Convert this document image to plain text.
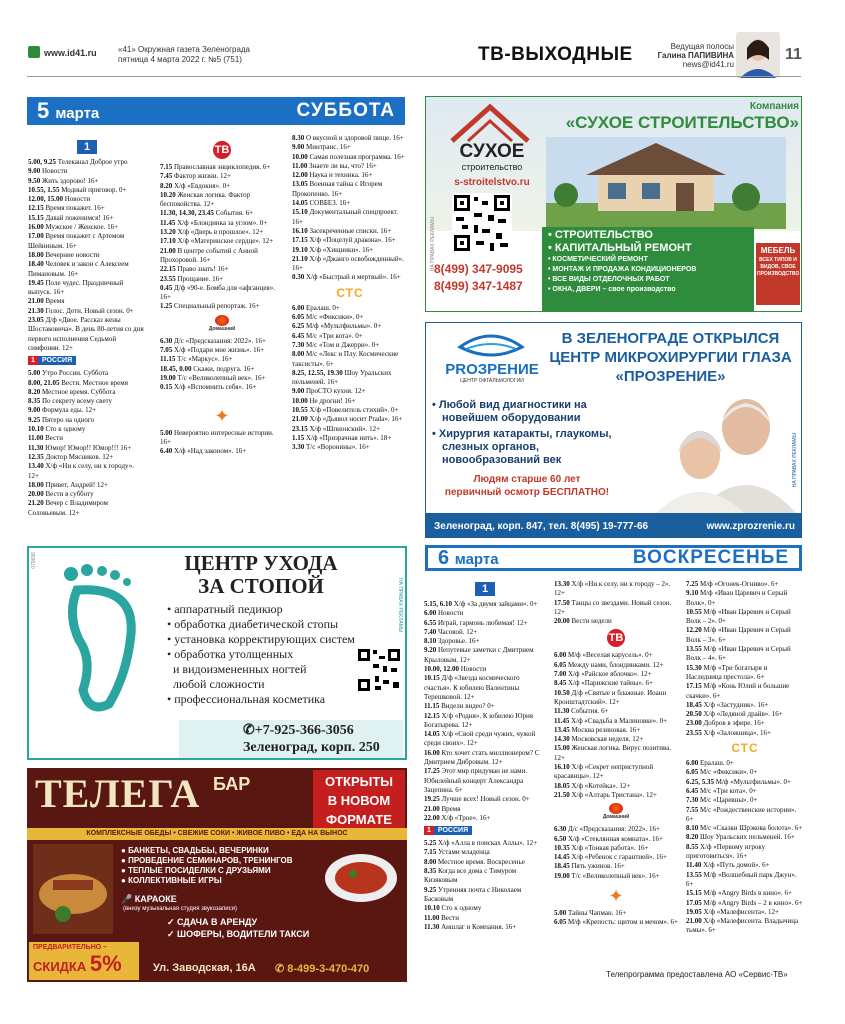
www.id41.ru	«41» Окружная газета Зеленограда
пятница 4 марта 2022 г. №5 (751)	ТВ-ВЫХОДНЫЕ	Ведущая полосы
Галина ПАПИВИНА
news@id41.ru
11
5 марта	СУББОТА
1

5.00, 9.25 Телеканал Доброе утро

9.00 Новости

9.50 Жить здорово! 16+

10.55, 1.55 Модный приговор. 0+

12.00, 15.00 Новости

12.15 Время покажет. 16+

15.15 Давай поженимся! 16+

16.00 Мужское / Женское. 16+

17.00 Время покажет с Артемом Шейниным. 16+

18.00 Вечерние новости

18.40 Человек и закон с Алексеем Пимановым. 16+

19.45 Поле чудес. Праздничный выпуск. 16+

21.00 Время

21.30 Голос. Дети. Новый сезон. 0+

23.05 Д/ф «Двое. Рассказ жены Шостаковича». В день 80-летия со дня первого исполнения Седьмой симфонии. 12+

1	РОССИЯ

5.00 Утро России. Суббота

8.00, 21.05 Вести. Местное время

8.20 Местное время. Суббота

8.35 По секрету всему свету

9.00 Формула еды. 12+

9.25 Пятеро на одного

10.10 Сто к одному

11.00 Вести

11.30 Юмор! Юмор!! Юмор!!! 16+

12.35 Доктор Мясников. 12+

13.40 Х/ф «Ни к селу, ни к городу». 12+

18.00 Привет, Андрей! 12+

20.00 Вести в субботу

21.20 Вечер с Владимиром Соловьевым. 12+

ТВ

7.15 Православная энциклопедия. 6+

7.45 Фактор жизни. 12+

8.20 Х/ф «Евдокия». 0+

10.20 Женская логика. Фактор беспокойства. 12+

11.30, 14.30, 23.45 События. 6+

11.45 Х/ф «Блондинка за углом». 0+

13.20 Х/ф «Дверь в прошлое». 12+

17.10 Х/ф «Материнское сердце». 12+

21.00 В центре событий с Анной Прохоровой. 16+

22.15 Право знать! 16+

23.55 Прощание. 16+

0.45 Д/ф «90-е. Бомба для «афганцев». 16+

1.25 Специальный репортаж. 16+

Домашний

6.30 Д/с «Предсказания: 2022». 16+

7.05 Х/ф «Подари мне жизнь». 16+

11.15 Т/с «Маркус». 16+

18.45, 0.00 Скажи, подруга. 16+

19.00 Т/с «Великолепный век». 16+

0.15 Х/ф «Вспомнить себя». 16+

✦

5.00 Невероятно интересные истории. 16+

6.40 Х/ф «Над законом». 16+

8.30 О вкусной и здоровой пище. 16+

9.00 Минтранс. 16+

10.00 Самая полезная программа. 16+

11.00 Знаете ли вы, что? 16+

12.00 Наука и техника. 16+

13.05 Военная тайна с Игорем Прокопенко. 16+

14.05 СОВБЕЗ. 16+

15.10 Документальный спецпроект. 16+

16.10 Засекреченные списки. 16+

17.15 Х/ф «Поцелуй дракона». 16+

19.10 Х/ф «Хищники». 16+

21.10 Х/ф «Джанго освобожденный». 16+

0.30 Х/ф «Быстрый и мертвый». 16+

СТС

6.00 Ералаш. 0+

6.05 М/с «Фиксики». 0+

6.25 М/ф «Мультфильмы». 0+

6.45 М/с «Три кота». 0+

7.30 М/с «Том и Джерри». 0+

8.00 М/с «Лекс и Плу. Космические таксисты». 6+

8.25, 12.55, 19.30 Шоу Уральских пельменей. 16+

9.00 ПроСТО кухня. 12+

10.00 Не дрогни! 16+

10.55 Х/ф «Повелитель стихий». 0+

21.00 Х/ф «Дьявол носит Prada». 16+

23.15 Х/ф «Шпионский». 12+

1.15 Х/ф «Призрачная нить». 18+

3.30 Т/с «Воронины». 16+

Компания
«СУХОЕ СТРОИТЕЛЬСТВО»
СУХОЕ
строительство
s-stroitelstvo.ru
• СТРОИТЕЛЬСТВО
• КАПИТАЛЬНЫЙ РЕМОНТ
• КОСМЕТИЧЕСКИЙ РЕМОНТ
• МОНТАЖ И ПРОДАЖА КОНДИЦИОНЕРОВ
• ВСЕ ВИДЫ ОТДЕЛОЧНЫХ РАБОТ
• ОКНА, ДВЕРИ – свое производство
8(499) 347-9095
8(499) 347-1487
МЕБЕЛЬ
ВСЕХ ТИПОВ И ВИДОВ, СВОЕ ПРОИЗВОДСТВО
НА ПРАВАХ РЕКЛАМЫ
PRОЗРЕНИЕ
ЦЕНТР ОФТАЛЬМОЛОГИИ
В ЗЕЛЕНОГРАДЕ ОТКРЫЛСЯ
ЦЕНТР МИКРОХИРУРГИИ ГЛАЗА
«ПРОЗРЕНИЕ»
• Любой вид диагностики на новейшем оборудовании
• Хирургия катаракты, глаукомы, слезных органов, новообразований век
Людям старше 60 лет
первичный осмотр БЕСПЛАТНО!
Зеленоград, корп. 847, тел. 8(495) 19-777-66	www.zprozrenie.ru
НА ПРАВАХ РЕКЛАМЫ
ЦЕНТР УХОДА
ЗА СТОПОЙ
• аппаратный педикюр
• обработка диабетической стопы
• установка корректирующих систем
• обработка утолщенных
и видоизмененных ногтей
любой сложности
• профессиональная косметика
✆+7-925-366-3056
Зеленоград, корп. 250
079696
НА ПРАВАХ РЕКЛАМЫ
ТЕЛЕГА БАР	ОТКРЫТЫ
В НОВОМ
ФОРМАТЕ
КОМПЛЕКСНЫЕ ОБЕДЫ • СВЕЖИЕ СОКИ • ЖИВОЕ ПИВО • ЕДА НА ВЫНОС
● БАНКЕТЫ, СВАДЬБЫ, ВЕЧЕРИНКИ
● ПРОВЕДЕНИЕ СЕМИНАРОВ, ТРЕНИНГОВ
● ТЕПЛЫЕ ПОСИДЕЛКИ С ДРУЗЬЯМИ
● КОЛЛЕКТИВНЫЕ ИГРЫ
🎤 КАРАОКЕ
(внизу музыкальная студия звукозаписи)
✓ СДАЧА В АРЕНДУ
✓ ШОФЕРЫ, ВОДИТЕЛИ ТАКСИ
ПРЕДВАРИТЕЛЬНО –
СКИДКА 5%	Ул. Заводская, 16А ✆ 8-499-3-470-470
6 марта	ВОСКРЕСЕНЬЕ
1

5.15, 6.10 Х/ф «За двумя зайцами». 0+

6.00 Новости

6.55 Играй, гармонь любимая! 12+

7.40 Часовой. 12+

8.10 Здоровье. 16+

9.20 Непутевые заметки с Дмитрием Крыловым. 12+

10.00, 12.00 Новости

10.15 Д/ф «Звезда космического счастья». К юбилею Валентины Терешковой. 12+

11.15 Видели видео? 0+

12.15 Х/ф «Родня». К юбилею Юрия Богатырева. 12+

14.05 Х/ф «Свой среди чужих, чужой среди своих». 12+

16.00 Кто хочет стать миллионером? С Дмитрием Дибровым. 12+

17.25 Этот мир придуман не нами. Юбилейный концерт Александра Зацепина. 6+

19.25 Лучше всех! Новый сезон. 0+

21.00 Время

22.00 Х/ф «Трое». 16+

1	РОССИЯ

5.25 Х/ф «Алла в поисках Аллы». 12+

7.15 Устами младенца

8.00 Местное время. Воскресенье

8.35 Когда все дома с Тимуром Кизяковым

9.25 Утренняя почта с Николаем Басковым

10.10 Сто к одному

11.00 Вести

11.30 Аншлаг и Компания. 16+

13.30 Х/ф «Ни к селу, ни к городу – 2». 12+

17.50 Танцы со звездами. Новый сезон. 12+

20.00 Вести недели

ТВ

6.00 М/ф «Веселая карусель». 0+

6.05 Между нами, блондинками. 12+

7.00 Х/ф «Райское яблочко». 12+

8.45 Х/ф «Парижские тайны». 6+

10.50 Д/ф «Святые и блажные. Иоанн Кронштадтский». 12+

11.30 События. 6+

11.45 Х/ф «Свадьба в Малиновке». 0+

13.45 Москва резиновая. 16+

14.30 Московская неделя. 12+

15.00 Женская логика. Вирус позитива. 12+

16.10 Х/ф «Секрет неприступной красавицы». 12+

18.05 Х/ф «Котейка». 12+

21.50 Х/ф «Алтарь Тристана». 12+

Домашний

6.30 Д/с «Предсказания: 2022». 16+

6.50 Х/ф «Стеклянная комната». 16+

10.35 Х/ф «Тонкая работа». 16+

14.45 Х/ф «Ребенок с гарантией». 16+

18.45 Пять ужинов. 16+

19.00 Т/с «Великолепный век». 16+

✦

5.00 Тайны Чапман. 16+

6.05 М/ф «Крепость: щитом и мечом». 6+

7.25 М/ф «Огонек-Огниво». 6+

9.10 М/ф «Иван Царевич и Серый Волк». 0+

10.55 М/ф «Иван Царевич и Серый Волк – 2». 0+

12.20 М/ф «Иван Царевич и Серый Волк – 3». 6+

13.55 М/ф «Иван Царевич и Серый Волк – 4». 6+

15.30 М/ф «Три богатыря и Наследница престола». 6+

17.15 М/ф «Конь Юлий и большие скачки». 6+

18.45 Х/ф «Застудник». 16+

20.50 Х/ф «Ледяной драйв». 16+

23.00 Добров в эфире. 16+

23.55 Х/ф «Заложница». 16+

СТС

6.00 Ералаш. 0+

6.05 М/с «Фиксики». 0+

6.25, 5.35 М/ф «Мультфильмы». 0+

6.45 М/с «Три кота». 0+

7.30 М/с «Царевны». 0+

7.55 М/с «Рождественские истории». 6+

8.10 М/с «Сказки Шрэкова болота». 6+

8.20 Шоу Уральских пельменей. 16+

8.55 Х/ф «Первому игроку приготовиться». 16+

11.40 Х/ф «Путь домой». 6+

13.55 М/ф «Волшебный парк Джун». 6+

15.15 М/ф «Angry Birds в кино». 6+

17.05 М/ф «Angry Birds – 2 в кино». 6+

19.05 Х/ф «Малефисента». 12+

21.00 Х/ф «Малефисента. Владычица тьмы». 6+

Телепрограмма предоставлена АО «Сервис-ТВ»
